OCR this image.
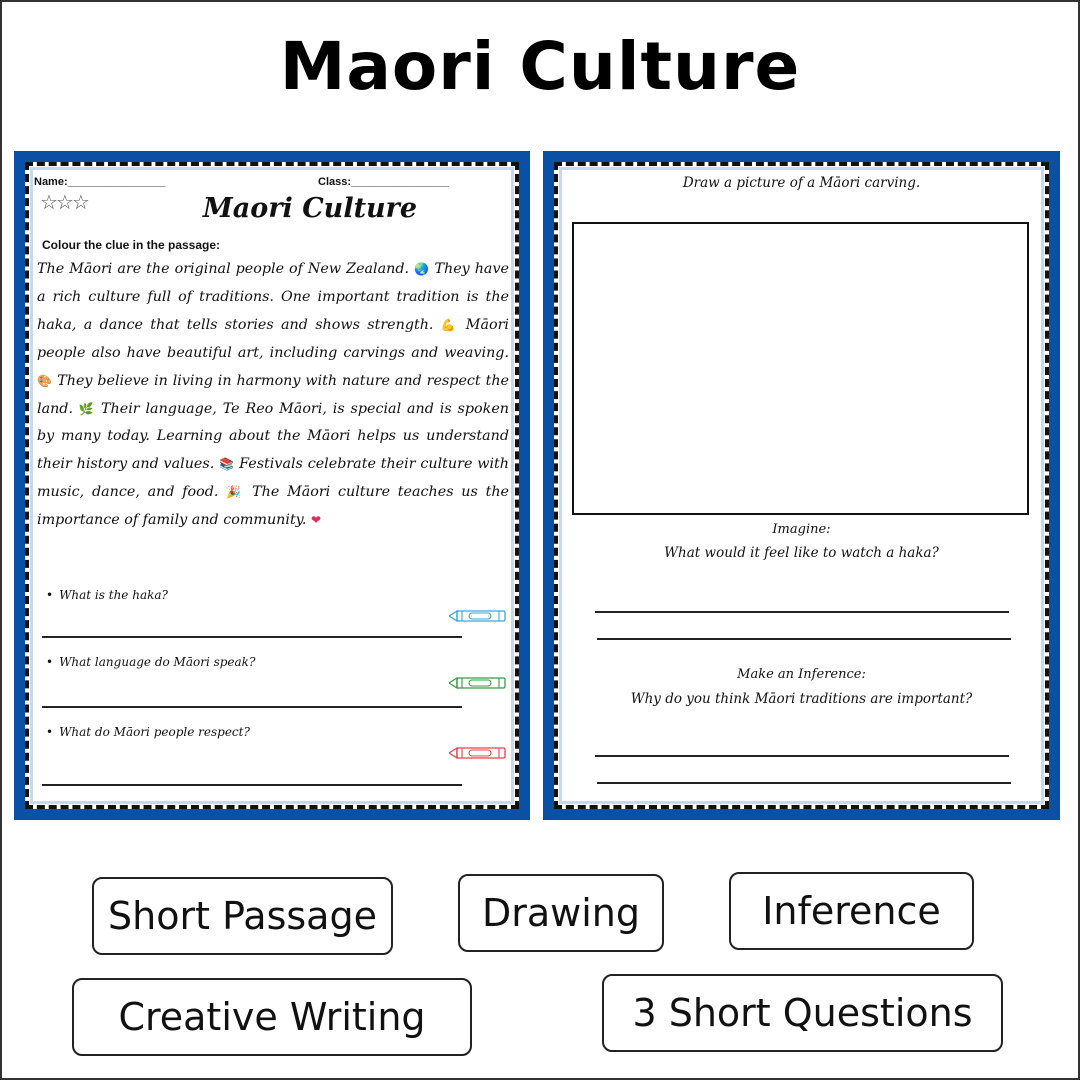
Maori Culture
Name:________________	Class:________________
☆☆☆	Maori Culture
Colour the clue in the passage:
The Māori are the original people of New Zealand. 🌏 They have a rich culture full of traditions. One important tradition is the haka, a dance that tells stories and shows strength. 💪 Māori people also have beautiful art, including carvings and weaving. 🎨 They believe in living in harmony with nature and respect the land. 🌿 Their language, Te Reo Māori, is special and is spoken by many today. Learning about the Māori helps us understand their history and values. 📚 Festivals celebrate their culture with music, dance, and food. 🎉 The Māori culture teaches us the importance of family and community. ❤
• What is the haka?
• What language do Māori speak?
• What do Māori people respect?
Draw a picture of a Māori carving.
Imagine:
What would it feel like to watch a haka?
Make an Inference:
Why do you think Māori traditions are important?
Short Passage	Drawing	Inference
Creative Writing	3 Short Questions
